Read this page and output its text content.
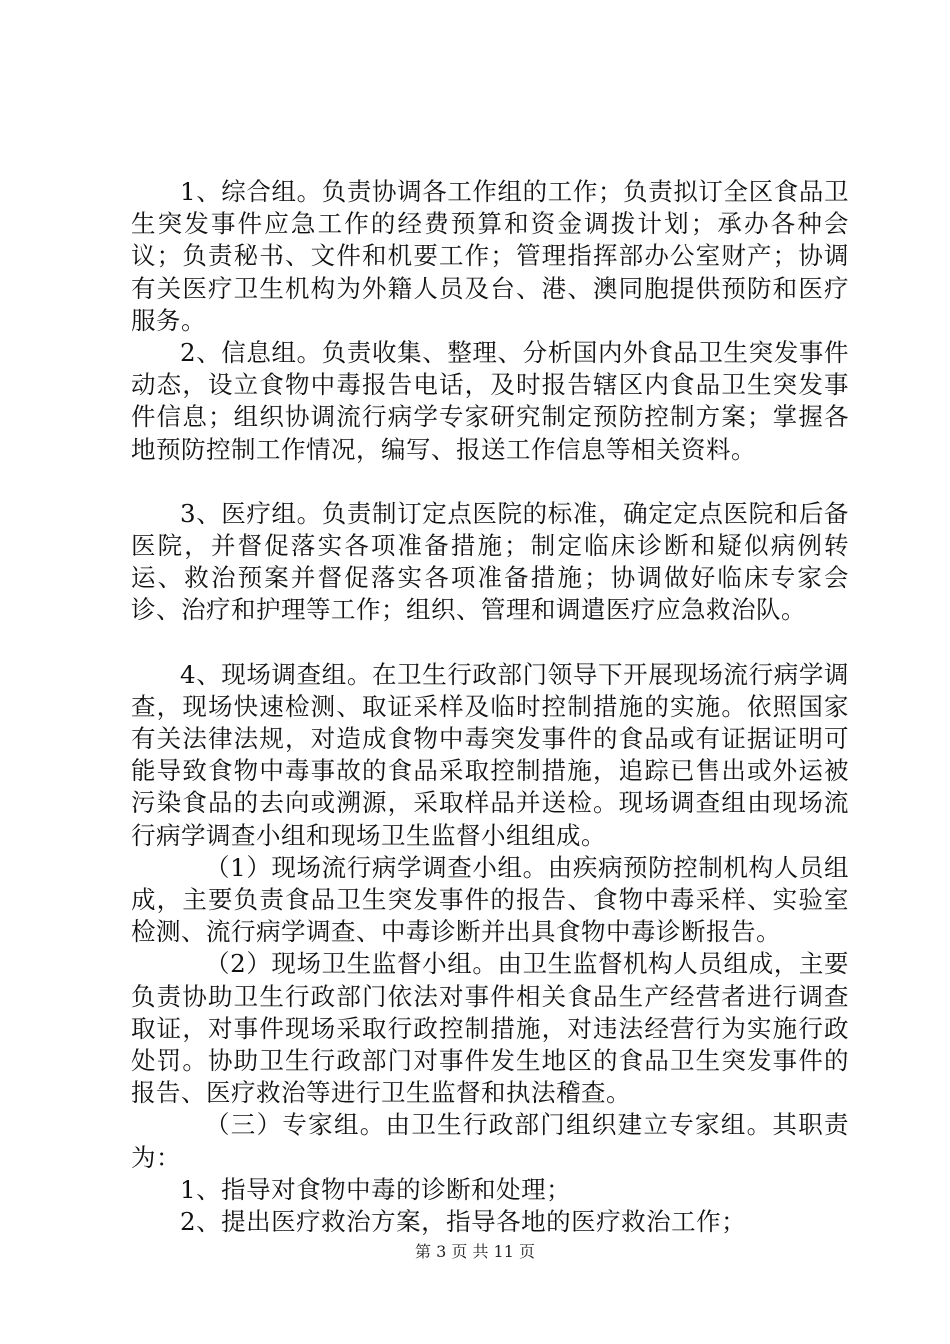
1、综合组。负责协调各工作组的工作；负责拟订全区食品卫生突发事件应急工作的经费预算和资金调拨计划；承办各种会议；负责秘书、文件和机要工作；管理指挥部办公室财产；协调有关医疗卫生机构为外籍人员及台、港、澳同胞提供预防和医疗服务。

2、信息组。负责收集、整理、分析国内外食品卫生突发事件动态，设立食物中毒报告电话，及时报告辖区内食品卫生突发事件信息；组织协调流行病学专家研究制定预防控制方案；掌握各地预防控制工作情况，编写、报送工作信息等相关资料。

3、医疗组。负责制订定点医院的标准，确定定点医院和后备医院，并督促落实各项准备措施；制定临床诊断和疑似病例转运、救治预案并督促落实各项准备措施；协调做好临床专家会诊、治疗和护理等工作；组织、管理和调遣医疗应急救治队。

4、现场调查组。在卫生行政部门领导下开展现场流行病学调查，现场快速检测、取证采样及临时控制措施的实施。依照国家有关法律法规，对造成食物中毒突发事件的食品或有证据证明可能导致食物中毒事故的食品采取控制措施，追踪已售出或外运被污染食品的去向或溯源，采取样品并送检。现场调查组由现场流行病学调查小组和现场卫生监督小组组成。

（1）现场流行病学调查小组。由疾病预防控制机构人员组成，主要负责食品卫生突发事件的报告、食物中毒采样、实验室检测、流行病学调查、中毒诊断并出具食物中毒诊断报告。

（2）现场卫生监督小组。由卫生监督机构人员组成，主要负责协助卫生行政部门依法对事件相关食品生产经营者进行调查取证，对事件现场采取行政控制措施，对违法经营行为实施行政处罚。协助卫生行政部门对事件发生地区的食品卫生突发事件的报告、医疗救治等进行卫生监督和执法稽查。

（三）专家组。由卫生行政部门组织建立专家组。其职责为：

1、指导对食物中毒的诊断和处理；

2、提出医疗救治方案，指导各地的医疗救治工作；

第 3 页 共 11 页
